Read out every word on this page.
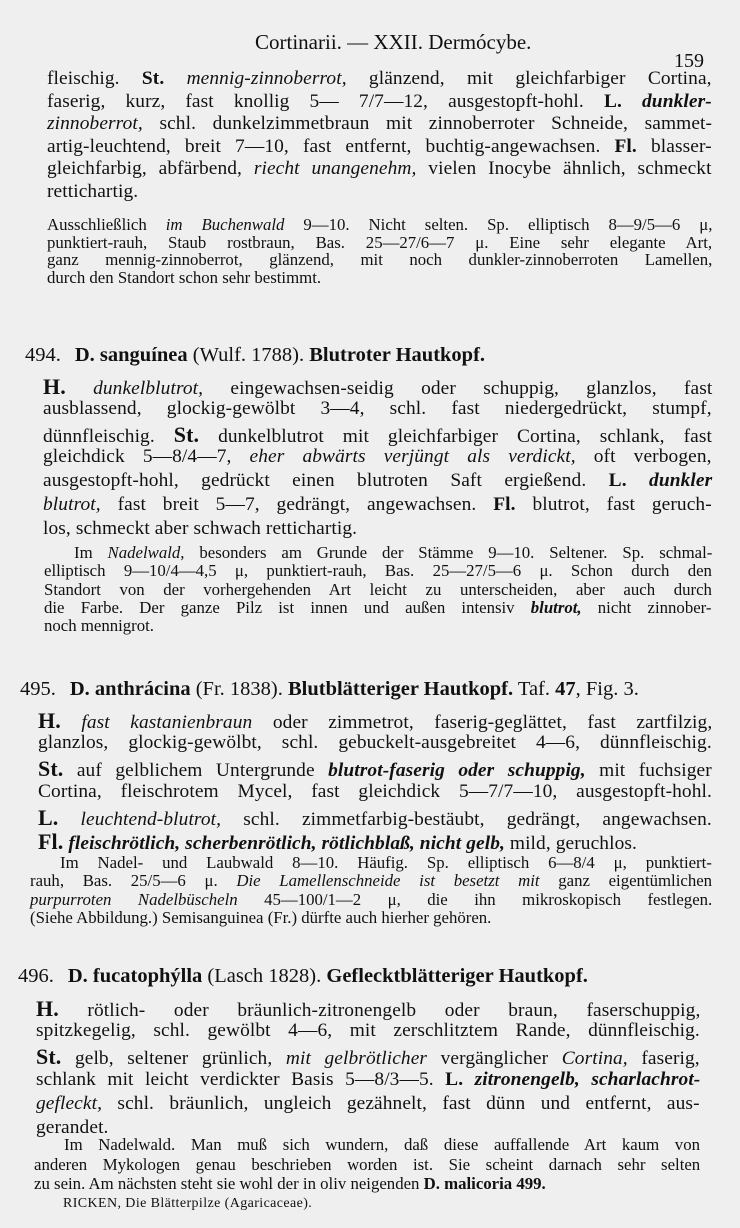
Cortinarii. — XXII. Dermócybe.
159
fleischig. St. mennig-zinnoberrot, glänzend, mit gleichfarbiger Cortina,
faserig, kurz, fast knollig 5— 7/7—12, ausgestopft-hohl. L. dunkler-
zinnoberrot, schl. dunkelzimmetbraun mit zinnoberroter Schneide, sammet-
artig-leuchtend, breit 7—10, fast entfernt, buchtig-angewachsen. Fl. blasser-
gleichfarbig, abfärbend, riecht unangenehm, vielen Inocybe ähnlich, schmeckt
rettichartig.
Ausschließlich im Buchenwald 9—10. Nicht selten. Sp. elliptisch 8—9/5—6 μ,
punktiert-rauh, Staub rostbraun, Bas. 25—27/6—7 μ. Eine sehr elegante Art,
ganz mennig-zinnoberrot, glänzend, mit noch dunkler-zinnoberroten Lamellen,
durch den Standort schon sehr bestimmt.
494. D. sanguínea (Wulf. 1788). Blutroter Hautkopf.
H. dunkelblutrot, eingewachsen-seidig oder schuppig, glanzlos, fast
ausblassend, glockig-gewölbt 3—4, schl. fast niedergedrückt, stumpf,
dünnfleischig. St. dunkelblutrot mit gleichfarbiger Cortina, schlank, fast
gleichdick 5—8/4—7, eher abwärts verjüngt als verdickt, oft verbogen,
ausgestopft-hohl, gedrückt einen blutroten Saft ergießend. L. dunkler
blutrot, fast breit 5—7, gedrängt, angewachsen. Fl. blutrot, fast geruch-
los, schmeckt aber schwach rettichartig.
Im Nadelwald, besonders am Grunde der Stämme 9—10. Seltener. Sp. schmal-
elliptisch 9—10/4—4,5 μ, punktiert-rauh, Bas. 25—27/5—6 μ. Schon durch den
Standort von der vorhergehenden Art leicht zu unterscheiden, aber auch durch
die Farbe. Der ganze Pilz ist innen und außen intensiv blutrot, nicht zinnober-
noch mennigrot.
495. D. anthrácina (Fr. 1838). Blutblätteriger Hautkopf. Taf. 47, Fig. 3.
H. fast kastanienbraun oder zimmetrot, faserig-geglättet, fast zartfilzig,
glanzlos, glockig-gewölbt, schl. gebuckelt-ausgebreitet 4—6, dünnfleischig.
St. auf gelblichem Untergrunde blutrot-faserig oder schuppig, mit fuchsiger
Cortina, fleischrotem Mycel, fast gleichdick 5—7/7—10, ausgestopft-hohl.
L. leuchtend-blutrot, schl. zimmetfarbig-bestäubt, gedrängt, angewachsen.
Fl. fleischrötlich, scherbenrötlich, rötlichblaß, nicht gelb, mild, geruchlos.
Im Nadel- und Laubwald 8—10. Häufig. Sp. elliptisch 6—8/4 μ, punktiert-
rauh, Bas. 25/5—6 μ. Die Lamellenschneide ist besetzt mit ganz eigentümlichen
purpurroten Nadelbüscheln 45—100/1—2 μ, die ihn mikroskopisch festlegen.
(Siehe Abbildung.) Semisanguinea (Fr.) dürfte auch hierher gehören.
496. D. fucatophýlla (Lasch 1828). Geflecktblätteriger Hautkopf.
H. rötlich- oder bräunlich-zitronengelb oder braun, faserschuppig,
spitzkegelig, schl. gewölbt 4—6, mit zerschlitztem Rande, dünnfleischig.
St. gelb, seltener grünlich, mit gelbrötlicher vergänglicher Cortina, faserig,
schlank mit leicht verdickter Basis 5—8/3—5. L. zitronengelb, scharlachrot-
gefleckt, schl. bräunlich, ungleich gezähnelt, fast dünn und entfernt, aus-
gerandet.
Im Nadelwald. Man muß sich wundern, daß diese auffallende Art kaum von
anderen Mykologen genau beschrieben worden ist. Sie scheint darnach sehr selten
zu sein. Am nächsten steht sie wohl der in oliv neigenden D. malicoria 499.
RICKEN, Die Blätterpilze (Agaricaceae).
